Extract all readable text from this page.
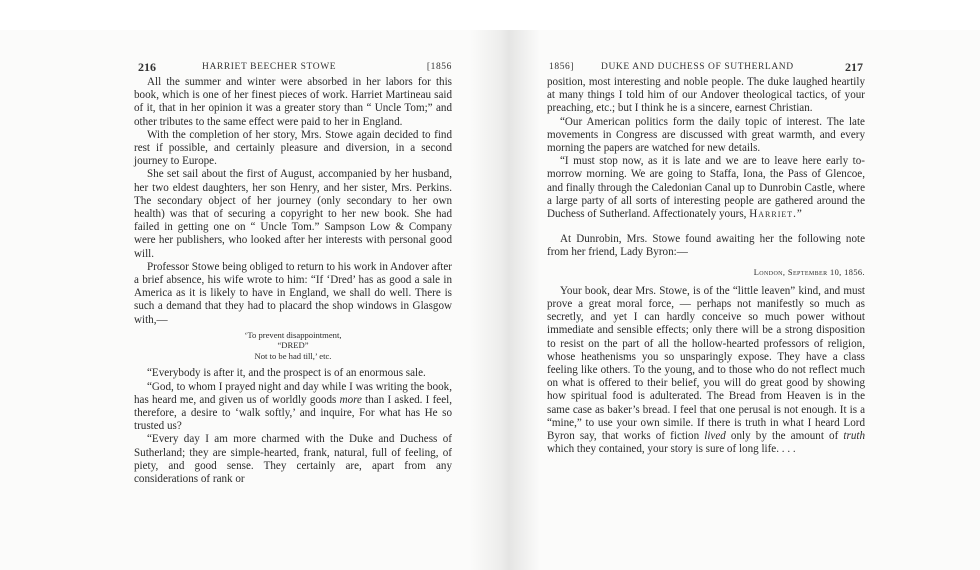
216	HARRIET BEECHER STOWE	[1856

All the summer and winter were absorbed in her labors for this book, which is one of her finest pieces of work. Harriet Martineau said of it, that in her opinion it was a greater story than “ Uncle Tom;” and other tributes to the same effect were paid to her in England.

With the completion of her story, Mrs. Stowe again decided to find rest if possible, and certainly pleasure and diversion, in a second journey to Europe.

She set sail about the first of August, accompanied by her husband, her two eldest daughters, her son Henry, and her sister, Mrs. Perkins. The secondary object of her journey (only secondary to her own health) was that of securing a copyright to her new book. She had failed in getting one on “ Uncle Tom.” Sampson Low & Company were her publishers, who looked after her interests with personal good will.

Professor Stowe being obliged to return to his work in Andover after a brief absence, his wife wrote to him: “If ‘Dred’ has as good a sale in America as it is likely to have in England, we shall do well. There is such a demand that they had to placard the shop windows in Glasgow with,—

‘To prevent disappointment,
“DRED”
Not to be had till,’ etc.

“Everybody is after it, and the prospect is of an enormous sale.

“God, to whom I prayed night and day while I was writing the book, has heard me, and given us of worldly goods more than I asked. I feel, therefore, a desire to ‘walk softly,’ and inquire, For what has He so trusted us?

“Every day I am more charmed with the Duke and Duchess of Sutherland; they are simple-hearted, frank, natural, full of feeling, of piety, and good sense. They certainly are, apart from any considerations of rank or

1856]	DUKE AND DUCHESS OF SUTHERLAND	217

position, most interesting and noble people. The duke laughed heartily at many things I told him of our Andover theological tactics, of your preaching, etc.; but I think he is a sincere, earnest Christian.

“Our American politics form the daily topic of interest. The late movements in Congress are discussed with great warmth, and every morning the papers are watched for new details.

“I must stop now, as it is late and we are to leave here early to-morrow morning. We are going to Staffa, Iona, the Pass of Glencoe, and finally through the Caledonian Canal up to Dunrobin Castle, where a large party of all sorts of interesting people are gathered around the Duchess of Sutherland. Affectionately yours, Harriet.”

At Dunrobin, Mrs. Stowe found awaiting her the following note from her friend, Lady Byron:—

London, September 10, 1856.

Your book, dear Mrs. Stowe, is of the “little leaven” kind, and must prove a great moral force, — perhaps not manifestly so much as secretly, and yet I can hardly conceive so much power without immediate and sensible effects; only there will be a strong disposition to resist on the part of all the hollow-hearted professors of religion, whose heathenisms you so unsparingly expose. They have a class feeling like others. To the young, and to those who do not reflect much on what is offered to their belief, you will do great good by showing how spiritual food is adulterated. The Bread from Heaven is in the same case as baker’s bread. I feel that one perusal is not enough. It is a “mine,” to use your own simile. If there is truth in what I heard Lord Byron say, that works of fiction lived only by the amount of truth which they contained, your story is sure of long life. . . .
